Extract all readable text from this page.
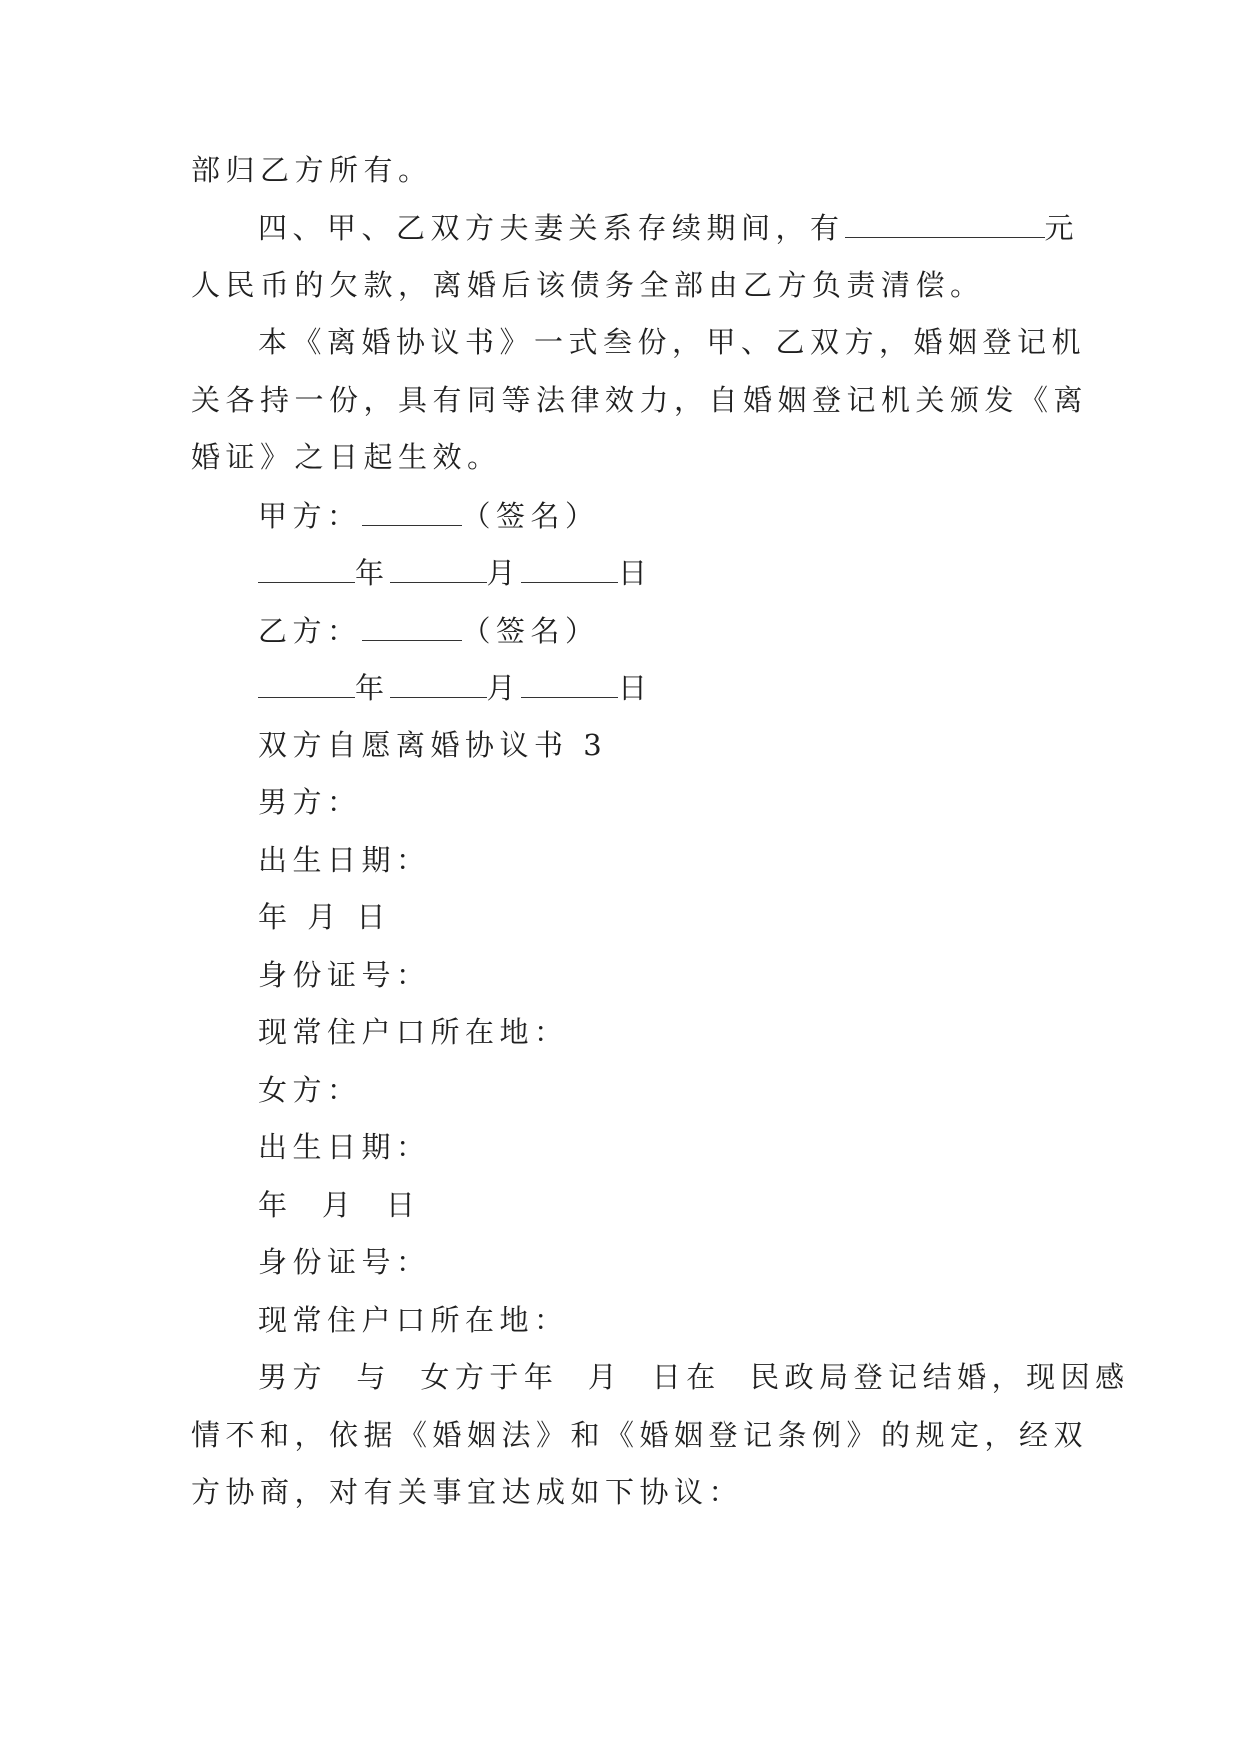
部归乙方所有。
四、甲、乙双方夫妻关系存续期间，有	元
人民币的欠款，离婚后该债务全部由乙方负责清偿。
本《离婚协议书》一式叁份，甲、乙双方，婚姻登记机
关各持一份，具有同等法律效力，自婚姻登记机关颁发《离
婚证》之日起生效。
甲方：	（签名）
年	月	日
乙方：	（签名）
年	月	日
双方自愿离婚协议书 3
男方：
出生日期：
年 月 日
身份证号：
现常住户口所在地：
女方：
出生日期：
年  月  日
身份证号：
现常住户口所在地：
男方  与  女方于年  月  日在  民政局登记结婚，现因感
情不和，依据《婚姻法》和《婚姻登记条例》的规定，经双
方协商，对有关事宜达成如下协议：
